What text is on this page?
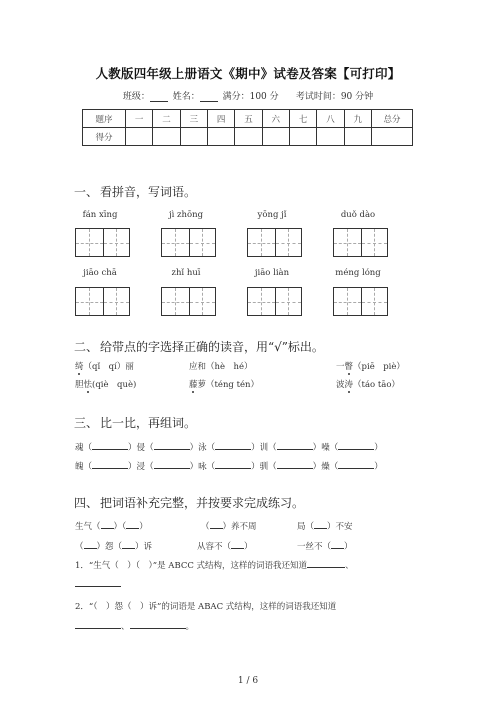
人教版四年级上册语文《期中》试卷及答案【可打印】
班级：	姓名：	满分：100 分 考试时间：90 分钟
题序	一	二	三	四	五	六	七	八	九	总分
得分										
一、 看拼音，写词语。
fán xīng	jì zhōng	yōng jǐ	duǒ dào
jiāo chā	zhǐ huī	jiāo liàn	méng lóng
二、 给带点的字选择正确的读音，用“√”标出。
绮（qǐ　qí）丽	应和（hè　hé）	一瞥（piē　piè）
胆怯(qiè　què)	藤萝（téng tén）	波涛（táo tāo）
三、 比一比，再组词。
魂（	）侵（	）泳（	）训（	）噪（	）
魄（	）浸（	）咏（	）驯（	）燥（	）
四、 把词语补充完整，并按要求完成练习。
生气（ ）（ ）	（ ）养不周	局（ ）不安
（ ）怨（ ）诉	从容不（ ）	一丝不（ ）
1．“生气（　）（　）”是 ABCC 式结构，这样的词语我还知道	、
2．“（　）怨（　）诉”的词语是 ABAC 式结构，这样的词语我还知道
、	。
1 / 6
